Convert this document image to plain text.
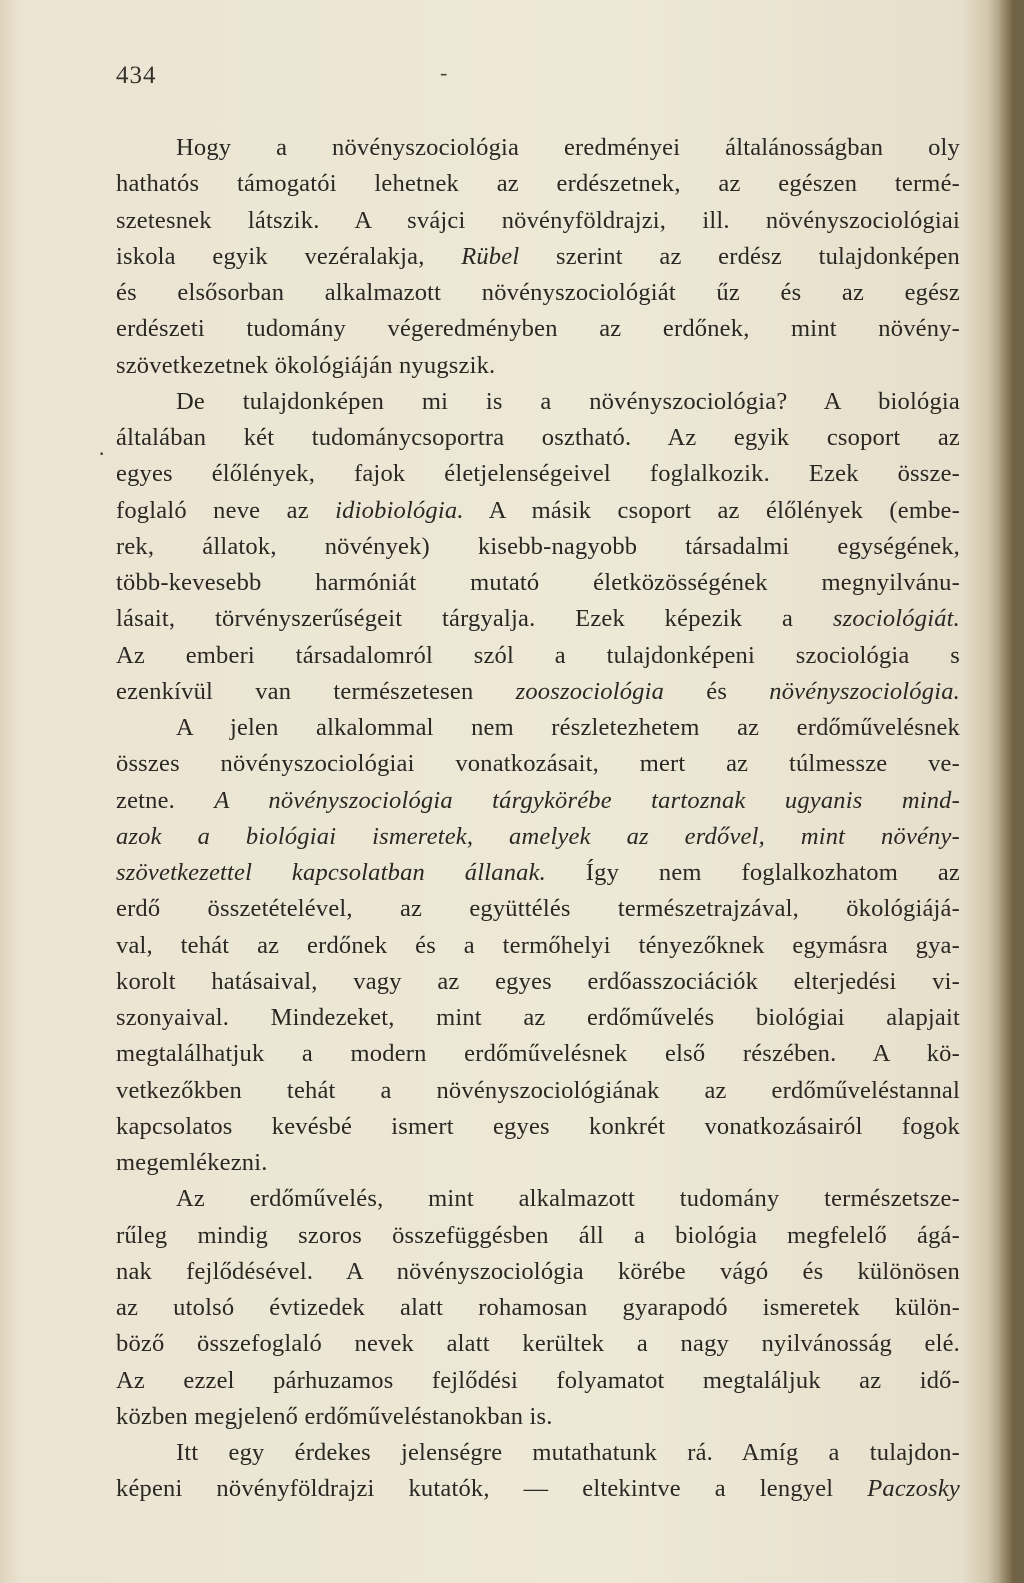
434	-
·
Hogy a növényszociológia eredményei általánosságban oly
hathatós támogatói lehetnek az erdészetnek, az egészen termé-
szetesnek látszik. A svájci növényföldrajzi, ill. növényszociológiai
iskola egyik vezéralakja, Rübel szerint az erdész tulajdonképen
és elsősorban alkalmazott növényszociológiát űz és az egész
erdészeti tudomány végeredményben az erdőnek, mint növény-
szövetkezetnek ökológiáján nyugszik.
De tulajdonképen mi is a növényszociológia? A biológia
általában két tudománycsoportra osztható. Az egyik csoport az
egyes élőlények, fajok életjelenségeivel foglalkozik. Ezek össze-
foglaló neve az idiobiológia. A másik csoport az élőlények (embe-
rek, állatok, növények) kisebb-nagyobb társadalmi egységének,
több-kevesebb harmóniát mutató életközösségének megnyilvánu-
lásait, törvényszerűségeit tárgyalja. Ezek képezik a szociológiát.
Az emberi társadalomról szól a tulajdonképeni szociológia s
ezenkívül van természetesen zooszociológia és növényszociológia.
A jelen alkalommal nem részletezhetem az erdőművelésnek
összes növényszociológiai vonatkozásait, mert az túlmessze ve-
zetne. A növényszociológia tárgykörébe tartoznak ugyanis mind-
azok a biológiai ismeretek, amelyek az erdővel, mint növény-
szövetkezettel kapcsolatban állanak. Így nem foglalkozhatom az
erdő összetételével, az együttélés természetrajzával, ökológiájá-
val, tehát az erdőnek és a termőhelyi tényezőknek egymásra gya-
korolt hatásaival, vagy az egyes erdőasszociációk elterjedési vi-
szonyaival. Mindezeket, mint az erdőművelés biológiai alapjait
megtalálhatjuk a modern erdőművelésnek első részében. A kö-
vetkezőkben tehát a növényszociológiának az erdőműveléstannal
kapcsolatos kevésbé ismert egyes konkrét vonatkozásairól fogok
megemlékezni.
Az erdőművelés, mint alkalmazott tudomány természetsze-
rűleg mindig szoros összefüggésben áll a biológia megfelelő ágá-
nak fejlődésével. A növényszociológia körébe vágó és különösen
az utolsó évtizedek alatt rohamosan gyarapodó ismeretek külön-
böző összefoglaló nevek alatt kerültek a nagy nyilvánosság elé.
Az ezzel párhuzamos fejlődési folyamatot megtaláljuk az idő-
közben megjelenő erdőműveléstanokban is.
Itt egy érdekes jelenségre mutathatunk rá. Amíg a tulajdon-
képeni növényföldrajzi kutatók, — eltekintve a lengyel Paczosky
